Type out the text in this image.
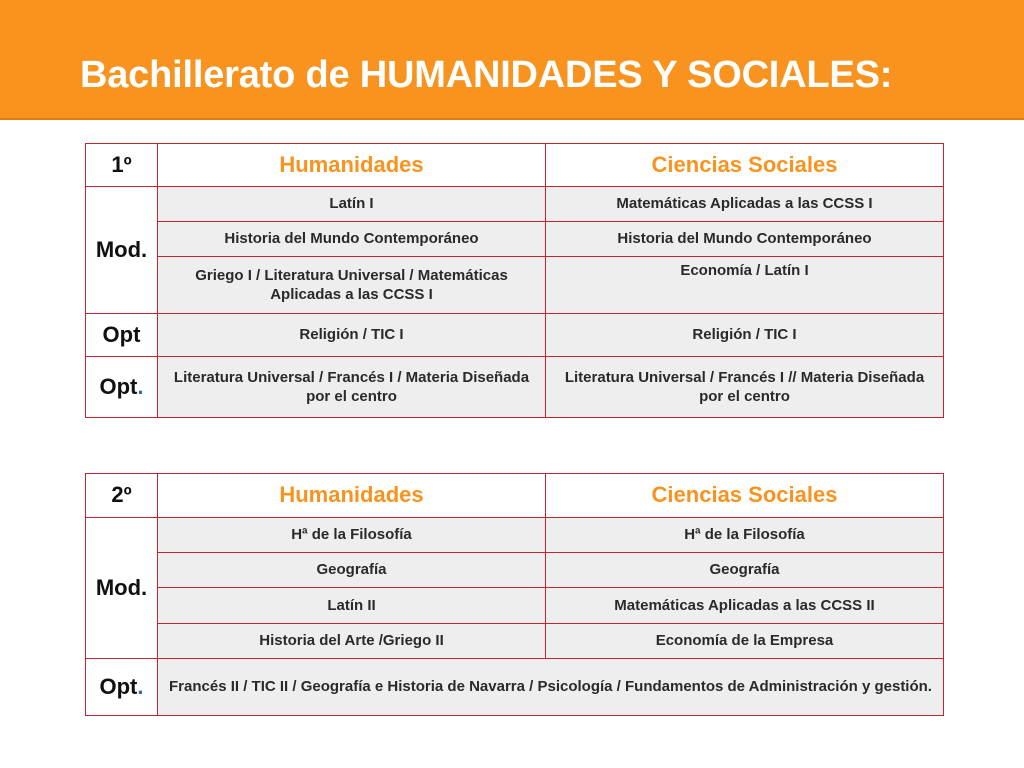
Bachillerato de HUMANIDADES Y SOCIALES:
1º	Humanidades	Ciencias Sociales
Mod.	Latín I	Matemáticas Aplicadas a las CCSS I
	Historia del Mundo Contemporáneo	Historia del Mundo Contemporáneo
	Griego I / Literatura Universal / Matemáticas Aplicadas a las CCSS I	Economía / Latín I
Opt	Religión / TIC I	Religión / TIC I
Opt.	Literatura Universal / Francés I / Materia Diseñada por el centro	Literatura Universal / Francés I // Materia Diseñada por el centro
2º	Humanidades	Ciencias Sociales
Mod.	Hª de la Filosofía	Hª de la Filosofía
	Geografía	Geografía
	Latín II	Matemáticas Aplicadas a las CCSS II
	Historia del Arte /Griego II	Economía de la Empresa
Opt.	Francés II / TIC II / Geografía e Historia de Navarra / Psicología / Fundamentos de Administración y gestión.	
